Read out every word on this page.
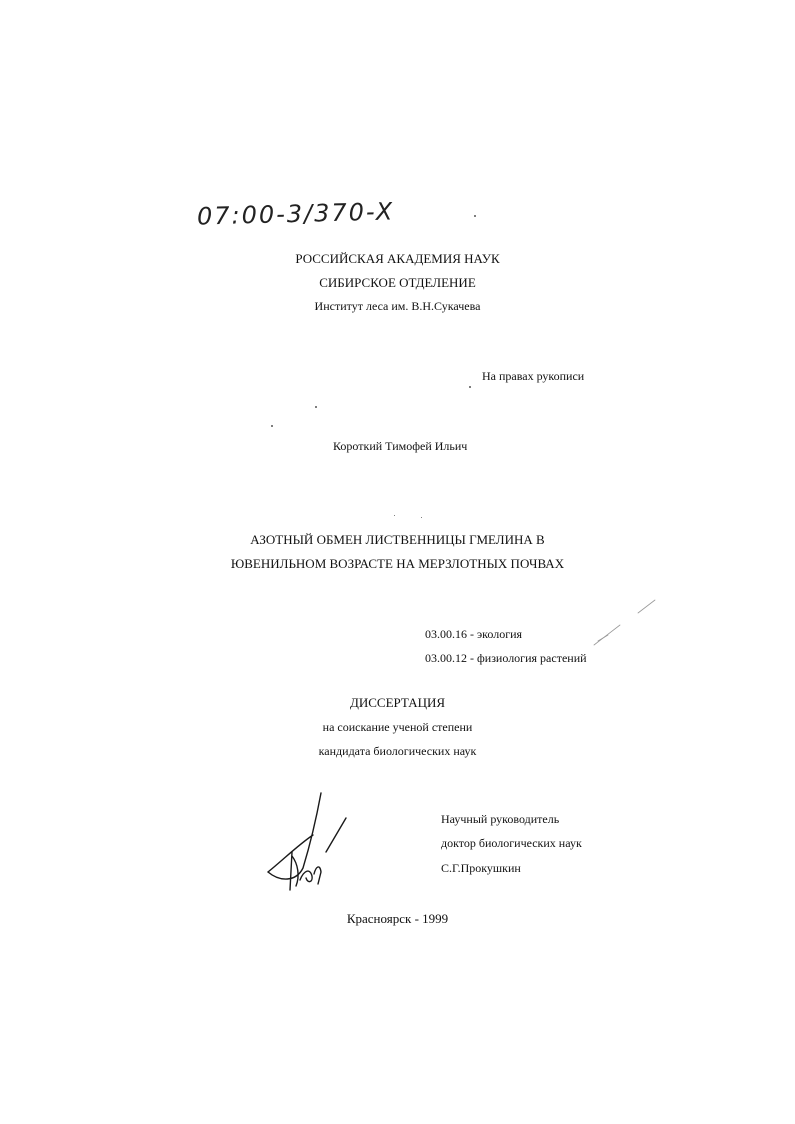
07:00-3/370-X
РОССИЙСКАЯ АКАДЕМИЯ НАУК
СИБИРСКОЕ ОТДЕЛЕНИЕ
Институт леса им. В.Н.Сукачева
На правах рукописи
Короткий Тимофей Ильич
АЗОТНЫЙ ОБМЕН ЛИСТВЕННИЦЫ ГМЕЛИНА В
ЮВЕНИЛЬНОМ ВОЗРАСТЕ НА МЕРЗЛОТНЫХ ПОЧВАХ
03.00.16 - экология
03.00.12 - физиология растений
ДИССЕРТАЦИЯ
на соискание ученой степени
кандидата биологических наук
Научный руководитель
доктор биологических наук
С.Г.Прокушкин
Красноярск - 1999
